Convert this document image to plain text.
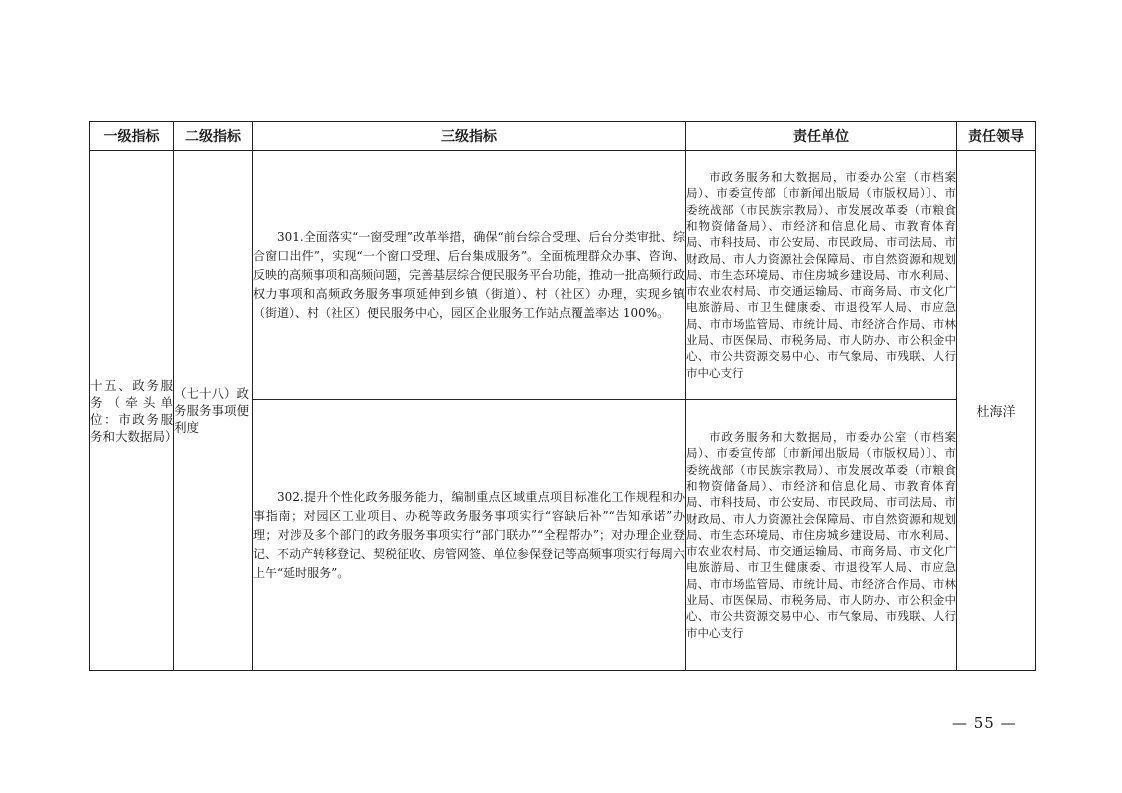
一级指标	二级指标	三级指标	责任单位	责任领导
十五、政务服务（牵头单位：市政务服务和大数据局）	（七十八）政务服务事项便利度	301.全面落实“一窗受理”改革举措，确保“前台综合受理、后台分类审批、综合窗口出件”，实现“一个窗口受理、后台集成服务”。全面梳理群众办事、咨询、反映的高频事项和高频问题，完善基层综合便民服务平台功能，推动一批高频行政权力事项和高频政务服务事项延伸到乡镇（街道）、村（社区）办理，实现乡镇（街道）、村（社区）便民服务中心，园区企业服务工作站点覆盖率达 100%。	市政务服务和大数据局，市委办公室（市档案局）、市委宣传部〔市新闻出版局（市版权局）〕、市委统战部（市民族宗教局）、市发展改革委（市粮食和物资储备局）、市经济和信息化局、市教育体育局、市科技局、市公安局、市民政局、市司法局、市财政局、市人力资源社会保障局、市自然资源和规划局、市生态环境局、市住房城乡建设局、市水利局、市农业农村局、市交通运输局、市商务局、市文化广电旅游局、市卫生健康委、市退役军人局、市应急局、市市场监管局、市统计局、市经济合作局、市林业局、市医保局、市税务局、市人防办、市公积金中心、市公共资源交易中心、市气象局、市残联、人行市中心支行	杜海洋
		302.提升个性化政务服务能力，编制重点区域重点项目标准化工作规程和办事指南；对园区工业项目、办税等政务服务事项实行“容缺后补”“告知承诺”办理；对涉及多个部门的政务服务事项实行“部门联办”“全程帮办”；对办理企业登记、不动产转移登记、契税征收、房管网签、单位参保登记等高频事项实行每周六上午“延时服务”。	市政务服务和大数据局，市委办公室（市档案局）、市委宣传部〔市新闻出版局（市版权局）〕、市委统战部（市民族宗教局）、市发展改革委（市粮食和物资储备局）、市经济和信息化局、市教育体育局、市科技局、市公安局、市民政局、市司法局、市财政局、市人力资源社会保障局、市自然资源和规划局、市生态环境局、市住房城乡建设局、市水利局、市农业农村局、市交通运输局、市商务局、市文化广电旅游局、市卫生健康委、市退役军人局、市应急局、市市场监管局、市统计局、市经济合作局、市林业局、市医保局、市税务局、市人防办、市公积金中心、市公共资源交易中心、市气象局、市残联、人行市中心支行	
— 55 —
